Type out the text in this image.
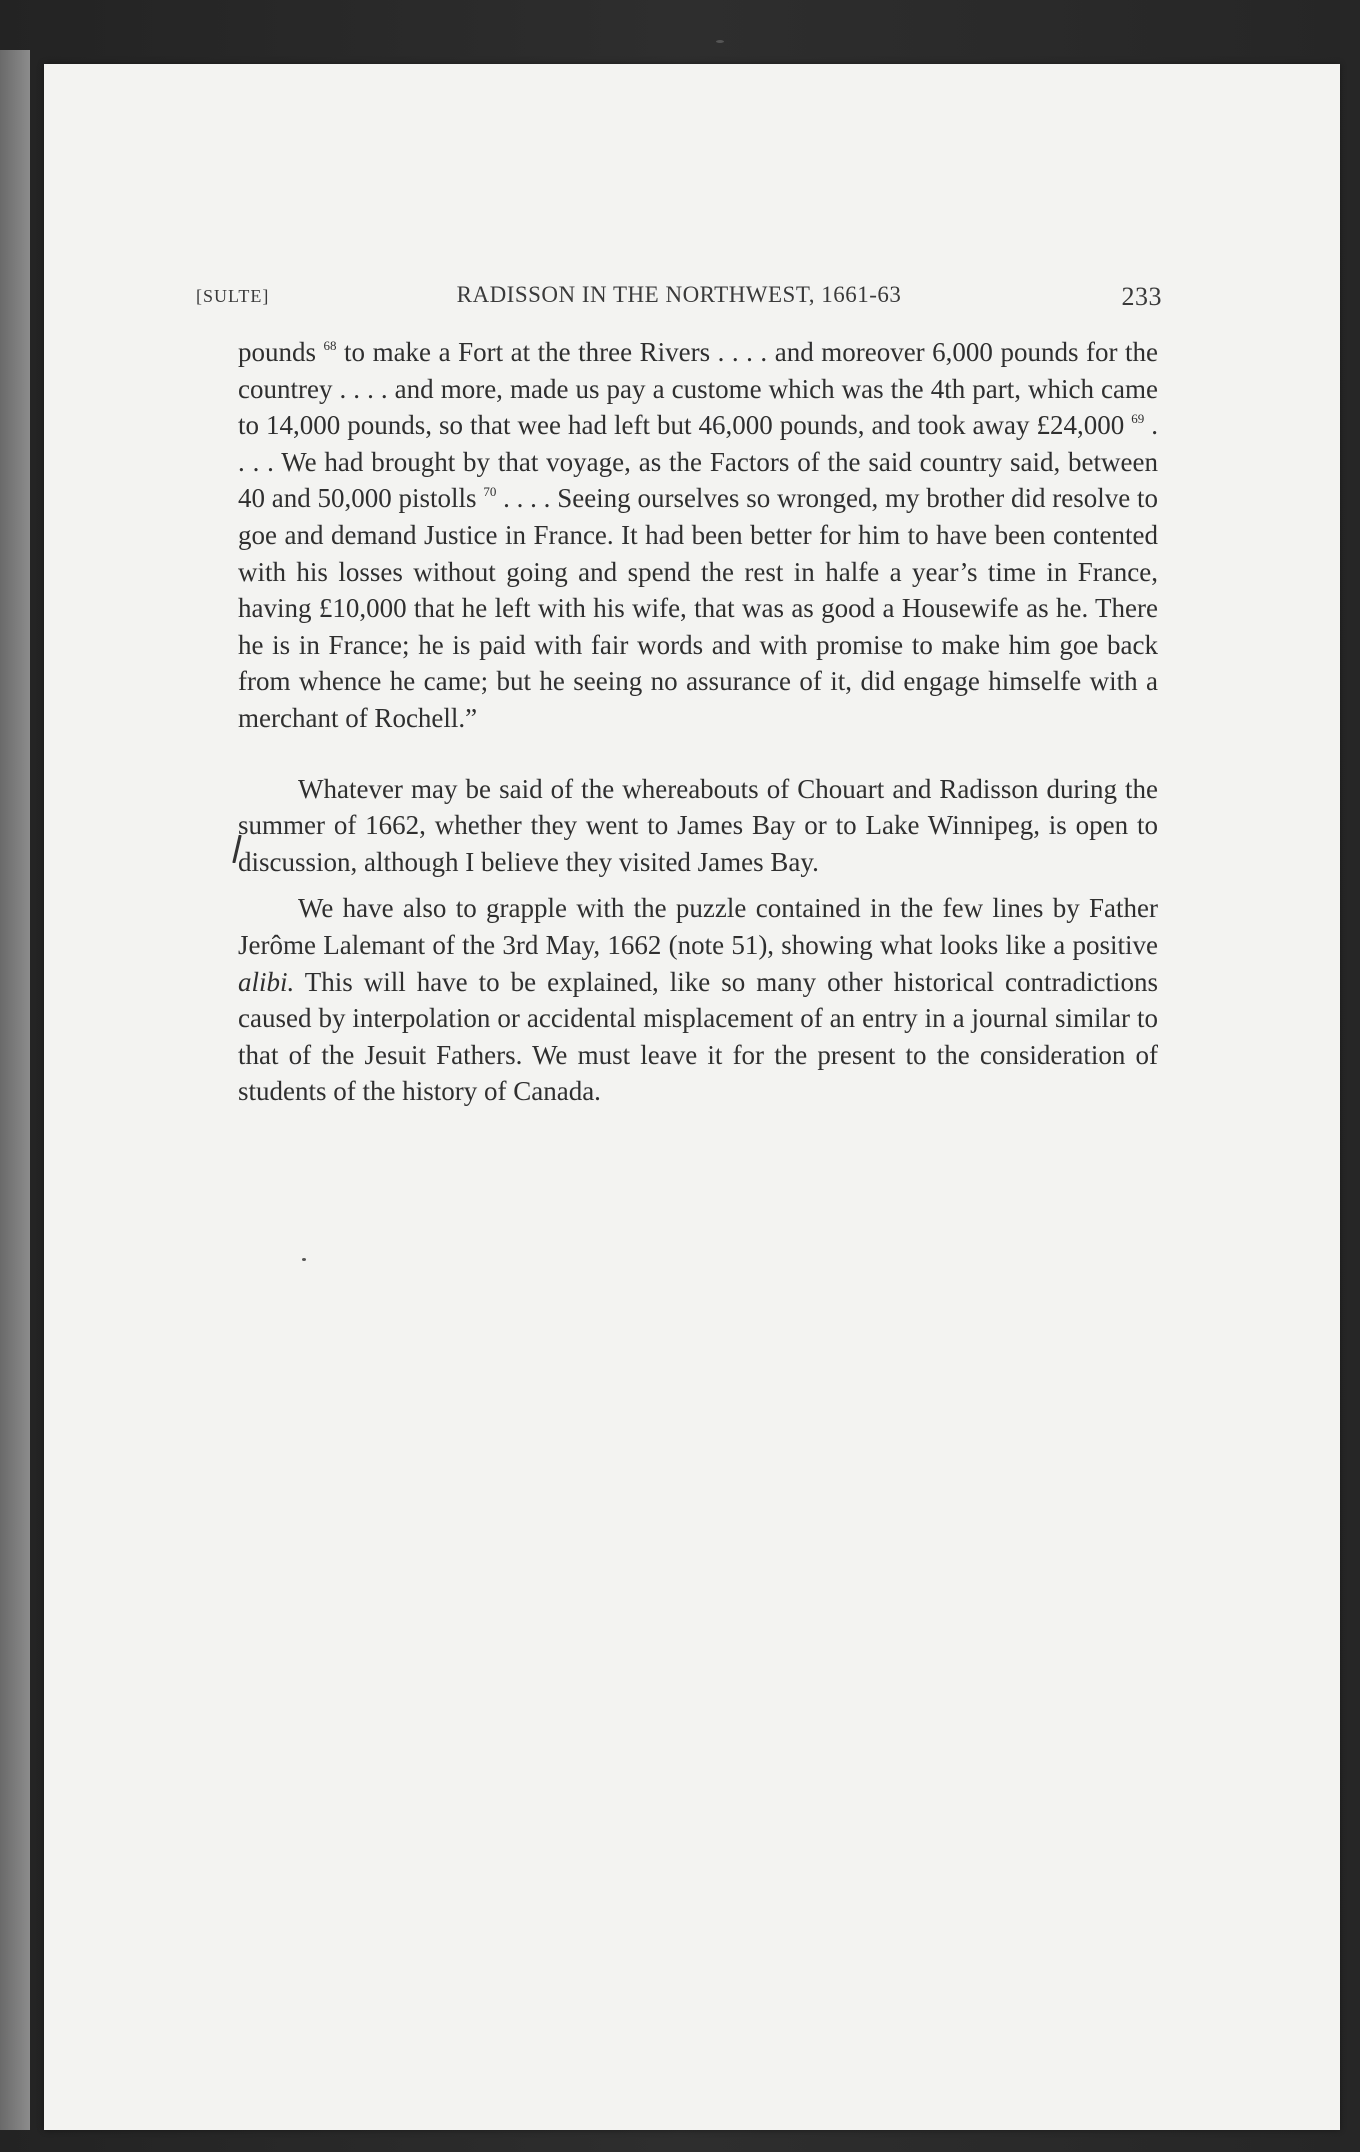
[SULTE]	RADISSON IN THE NORTHWEST, 1661-63	233

pounds $^{68}$ to make a Fort at the three Rivers . . . . and moreover 6,000 pounds for the countrey . . . . and more, made us pay a custome which was the 4th part, which came to 14,000 pounds, so that wee had left but 46,000 pounds, and took away £24,000 $^{69}$ . . . . We had brought by that voyage, as the Factors of the said country said, between 40 and 50,000 pistolls $^{70}$ . . . . Seeing ourselves so wronged, my brother did resolve to goe and demand Justice in France. It had been better for him to have been contented with his losses without going and spend the rest in halfe a year’s time in France, having £10,000 that he left with his wife, that was as good a Housewife as he. There he is in France; he is paid with fair words and with promise to make him goe back from whence he came; but he seeing no assurance of it, did engage himselfe with a merchant of Rochell.”

Whatever may be said of the whereabouts of Chouart and Radisson during the summer of 1662, whether they went to James Bay or to Lake Winnipeg, is open to discussion, although I believe they visited James Bay.

We have also to grapple with the puzzle contained in the few lines by Father Jerôme Lalemant of the 3rd May, 1662 (note 51), showing what looks like a positive alibi. This will have to be explained, like so many other historical contradictions caused by interpolation or accidental misplacement of an entry in a journal similar to that of the Jesuit Fathers. We must leave it for the present to the consideration of students of the history of Canada.
